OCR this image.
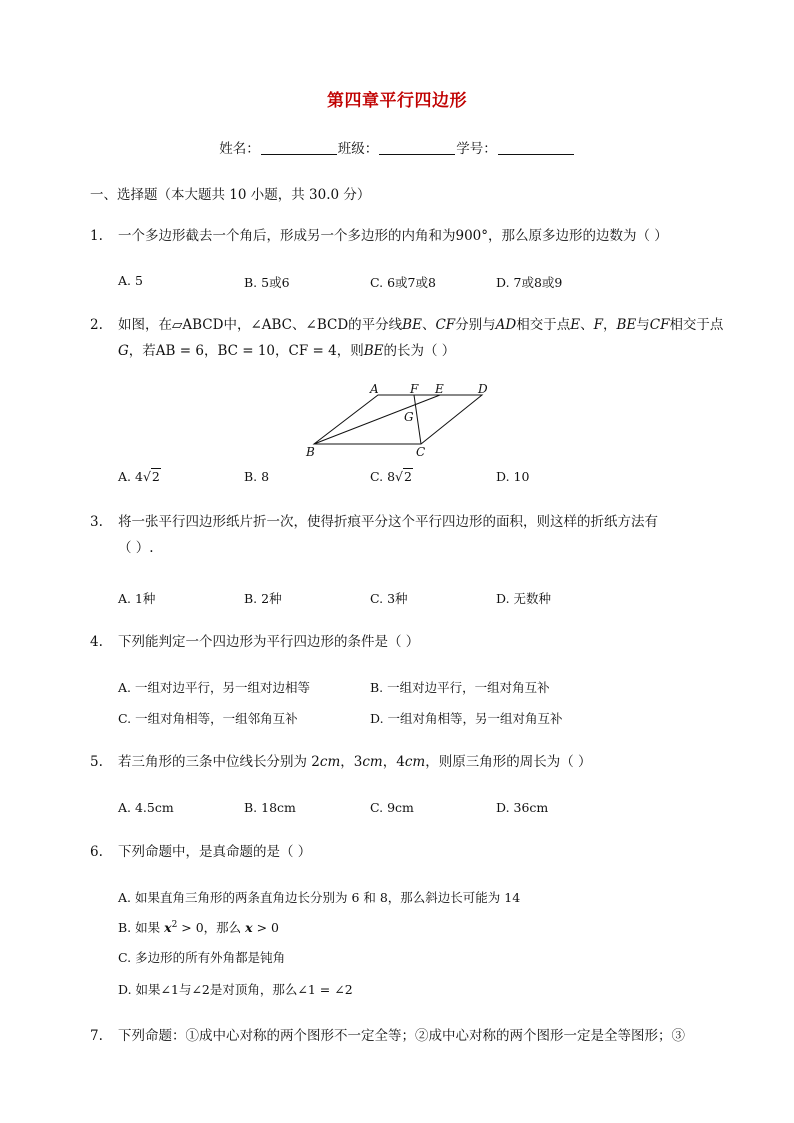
第四章平行四边形
姓名：	班级：	学号：
一、选择题（本大题共 10 小题，共 30.0 分）
1. 一个多边形截去一个角后，形成另一个多边形的内角和为900°，那么原多边形的边数为（ ）
A. 5	B. 5或6	C. 6或7或8	D. 7或8或9
2. 如图，在▱ABCD中，∠ABC、∠BCD的平分线BE、CF分别与AD相交于点E、F，BE与CF相交于点
G，若AB = 6，BC = 10，CF = 4，则BE的长为（ ）
A	F E	D
G
B	C
A. 4√2	B. 8	C. 8√2	D. 10
3. 将一张平行四边形纸片折一次，使得折痕平分这个平行四边形的面积，则这样的折纸方法有
（ ）.
A. 1种	B. 2种	C. 3种	D. 无数种
4. 下列能判定一个四边形为平行四边形的条件是（ ）
A. 一组对边平行，另一组对边相等	B. 一组对边平行，一组对角互补
C. 一组对角相等，一组邻角互补	D. 一组对角相等，另一组对角互补
5. 若三角形的三条中位线长分别为 2cm，3cm，4cm，则原三角形的周长为（ ）
A. 4.5cm	B. 18cm	C. 9cm	D. 36cm
6. 下列命题中，是真命题的是（ ）
A. 如果直角三角形的两条直角边长分别为 6 和 8，那么斜边长可能为 14
B. 如果 $x^2 > 0$，那么 x > 0
C. 多边形的所有外角都是钝角
D. 如果∠1与∠2是对顶角，那么∠1 = ∠2
7. 下列命题：①成中心对称的两个图形不一定全等；②成中心对称的两个图形一定是全等图形；③
